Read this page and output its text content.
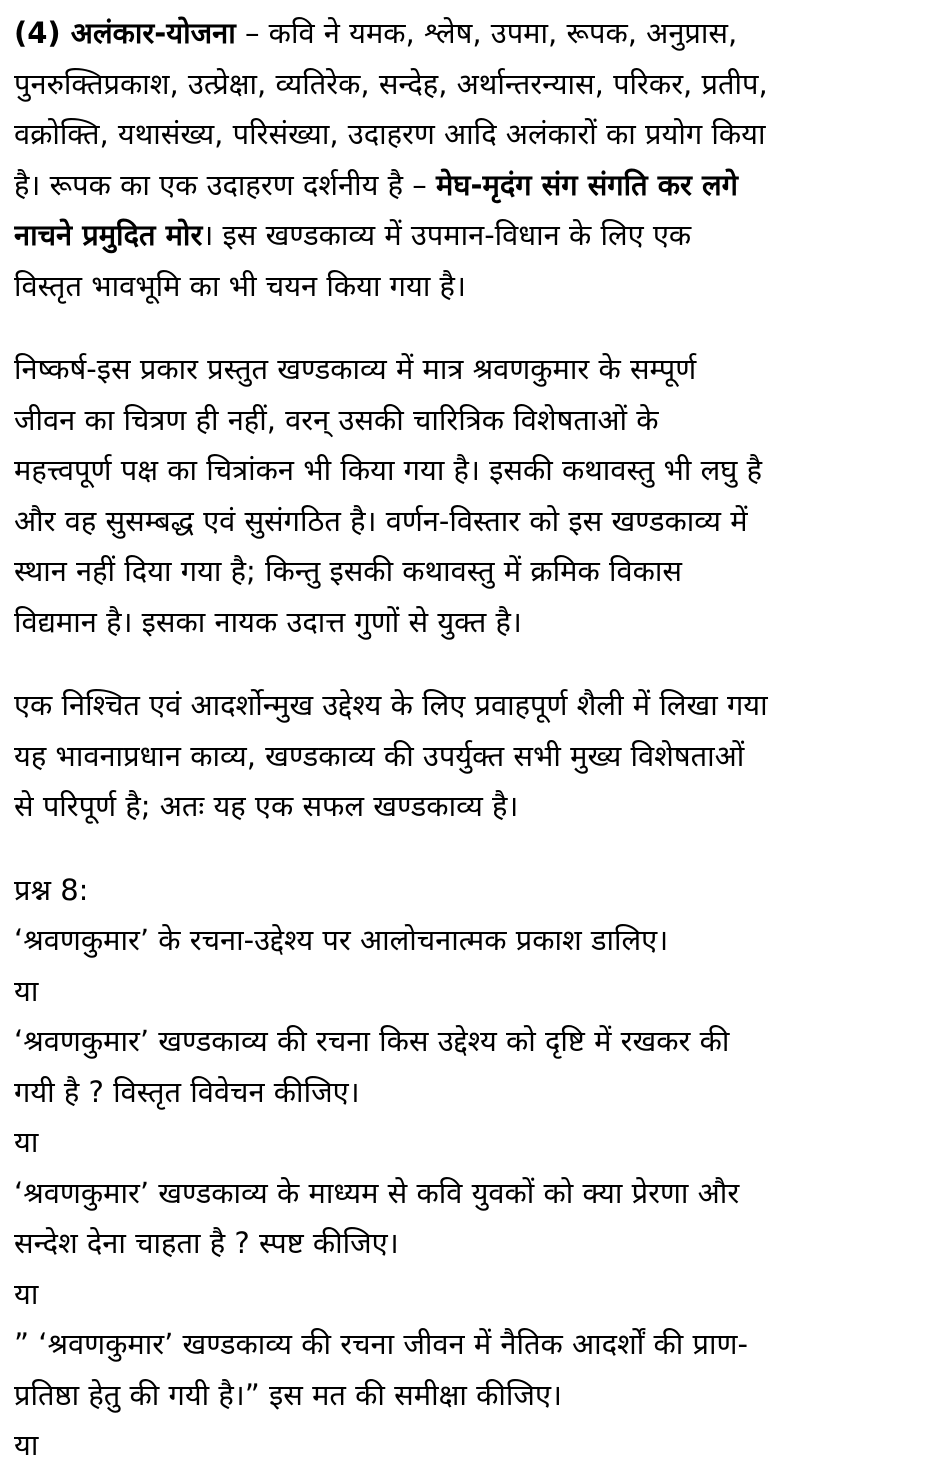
(4) अलंकार-योजना – कवि ने यमक, श्लेष, उपमा, रूपक, अनुप्रास,
पुनरुक्तिप्रकाश, उत्प्रेक्षा, व्यतिरेक, सन्देह, अर्थान्तरन्यास, परिकर, प्रतीप,
वक्रोक्ति, यथासंख्य, परिसंख्या, उदाहरण आदि अलंकारों का प्रयोग किया
है। रूपक का एक उदाहरण दर्शनीय है – मेघ-मृदंग संग संगति कर लगे
नाचने प्रमुदित मोर। इस खण्डकाव्य में उपमान-विधान के लिए एक
विस्तृत भावभूमि का भी चयन किया गया है।
निष्कर्ष-इस प्रकार प्रस्तुत खण्डकाव्य में मात्र श्रवणकुमार के सम्पूर्ण
जीवन का चित्रण ही नहीं, वरन् उसकी चारित्रिक विशेषताओं के
महत्त्वपूर्ण पक्ष का चित्रांकन भी किया गया है। इसकी कथावस्तु भी लघु है
और वह सुसम्बद्ध एवं सुसंगठित है। वर्णन-विस्तार को इस खण्डकाव्य में
स्थान नहीं दिया गया है; किन्तु इसकी कथावस्तु में क्रमिक विकास
विद्यमान है। इसका नायक उदात्त गुणों से युक्त है।
एक निश्चित एवं आदर्शोन्मुख उद्देश्य के लिए प्रवाहपूर्ण शैली में लिखा गया
यह भावनाप्रधान काव्य, खण्डकाव्य की उपर्युक्त सभी मुख्य विशेषताओं
से परिपूर्ण है; अतः यह एक सफल खण्डकाव्य है।
प्रश्न 8:
‘श्रवणकुमार’ के रचना-उद्देश्य पर आलोचनात्मक प्रकाश डालिए।
या
‘श्रवणकुमार’ खण्डकाव्य की रचना किस उद्देश्य को दृष्टि में रखकर की
गयी है ? विस्तृत विवेचन कीजिए।
या
‘श्रवणकुमार’ खण्डकाव्य के माध्यम से कवि युवकों को क्या प्रेरणा और
सन्देश देना चाहता है ? स्पष्ट कीजिए।
या
” ‘श्रवणकुमार’ खण्डकाव्य की रचना जीवन में नैतिक आदर्शों की प्राण-
प्रतिष्ठा हेतु की गयी है।” इस मत की समीक्षा कीजिए।
या
